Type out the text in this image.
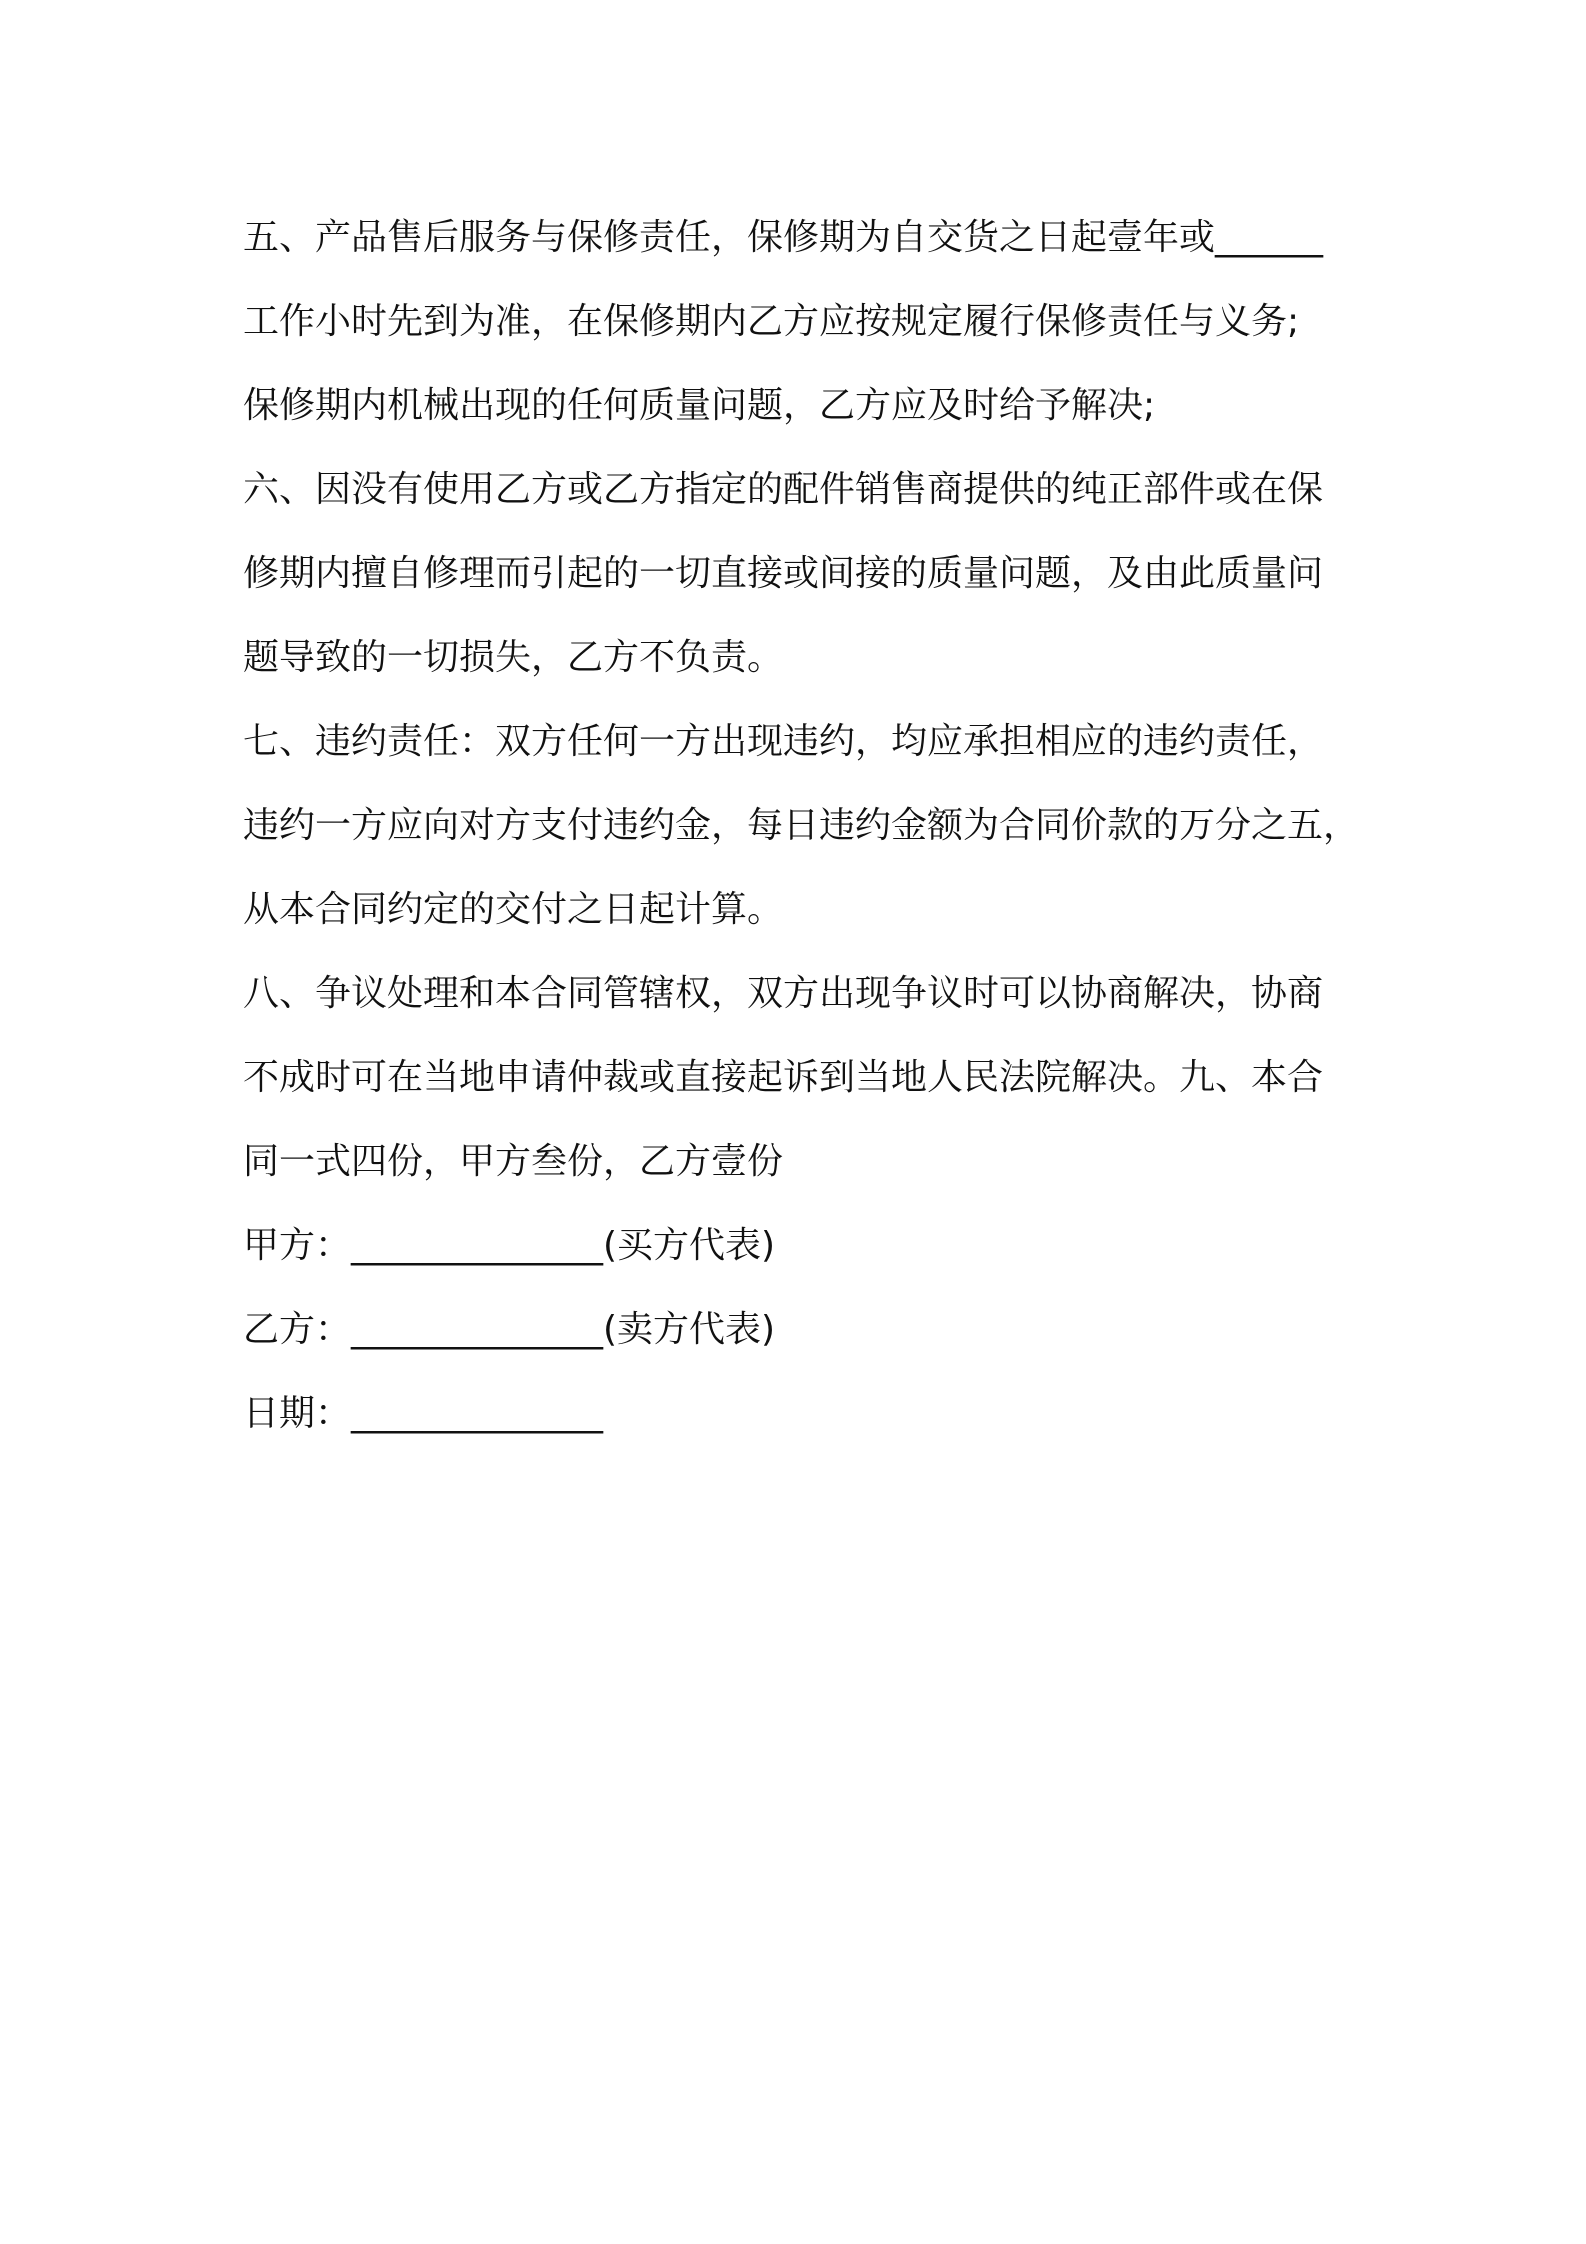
五、产品售后服务与保修责任，保修期为自交货之日起壹年或______
工作小时先到为准，在保修期内乙方应按规定履行保修责任与义务;
保修期内机械出现的任何质量问题，乙方应及时给予解决;
六、因没有使用乙方或乙方指定的配件销售商提供的纯正部件或在保
修期内擅自修理而引起的一切直接或间接的质量问题，及由此质量问
题导致的一切损失，乙方不负责。
七、违约责任：双方任何一方出现违约，均应承担相应的违约责任，
违约一方应向对方支付违约金，每日违约金额为合同价款的万分之五，
从本合同约定的交付之日起计算。
八、争议处理和本合同管辖权，双方出现争议时可以协商解决，协商
不成时可在当地申请仲裁或直接起诉到当地人民法院解决。九、本合
同一式四份，甲方叁份，乙方壹份
甲方：______________(买方代表)
乙方：______________(卖方代表)
日期：______________
